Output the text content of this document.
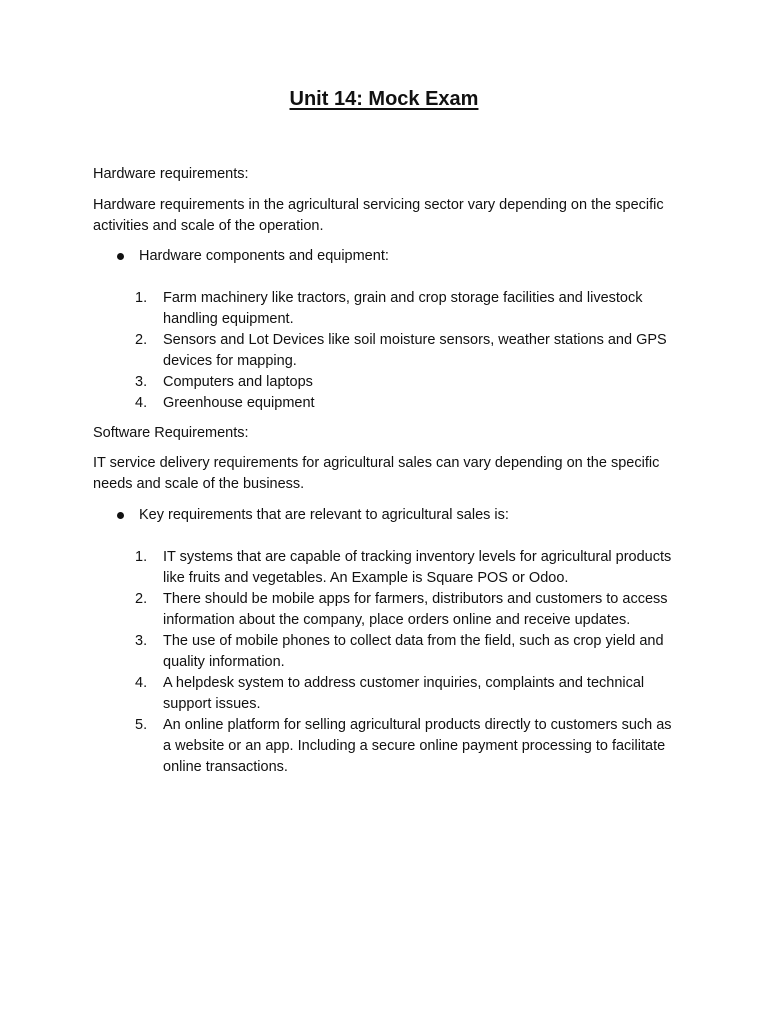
Unit 14: Mock Exam

Hardware requirements:

Hardware requirements in the agricultural servicing sector vary depending on the specific activities and scale of the operation.

Hardware components and equipment:
1.	Farm machinery like tractors, grain and crop storage facilities and livestock handling equipment.
2.	Sensors and Lot Devices like soil moisture sensors, weather stations and GPS devices for mapping.
3.	Computers and laptops
4.	Greenhouse equipment

Software Requirements:

IT service delivery requirements for agricultural sales can vary depending on the specific needs and scale of the business.

Key requirements that are relevant to agricultural sales is:
1.	IT systems that are capable of tracking inventory levels for agricultural products like fruits and vegetables. An Example is Square POS or Odoo.
2.	There should be mobile apps for farmers, distributors and customers to access information about the company, place orders online and receive updates.
3.	The use of mobile phones to collect data from the field, such as crop yield and quality information.
4.	A helpdesk system to address customer inquiries, complaints and technical support issues.
5.	An online platform for selling agricultural products directly to customers such as a website or an app. Including a secure online payment processing to facilitate online transactions.
